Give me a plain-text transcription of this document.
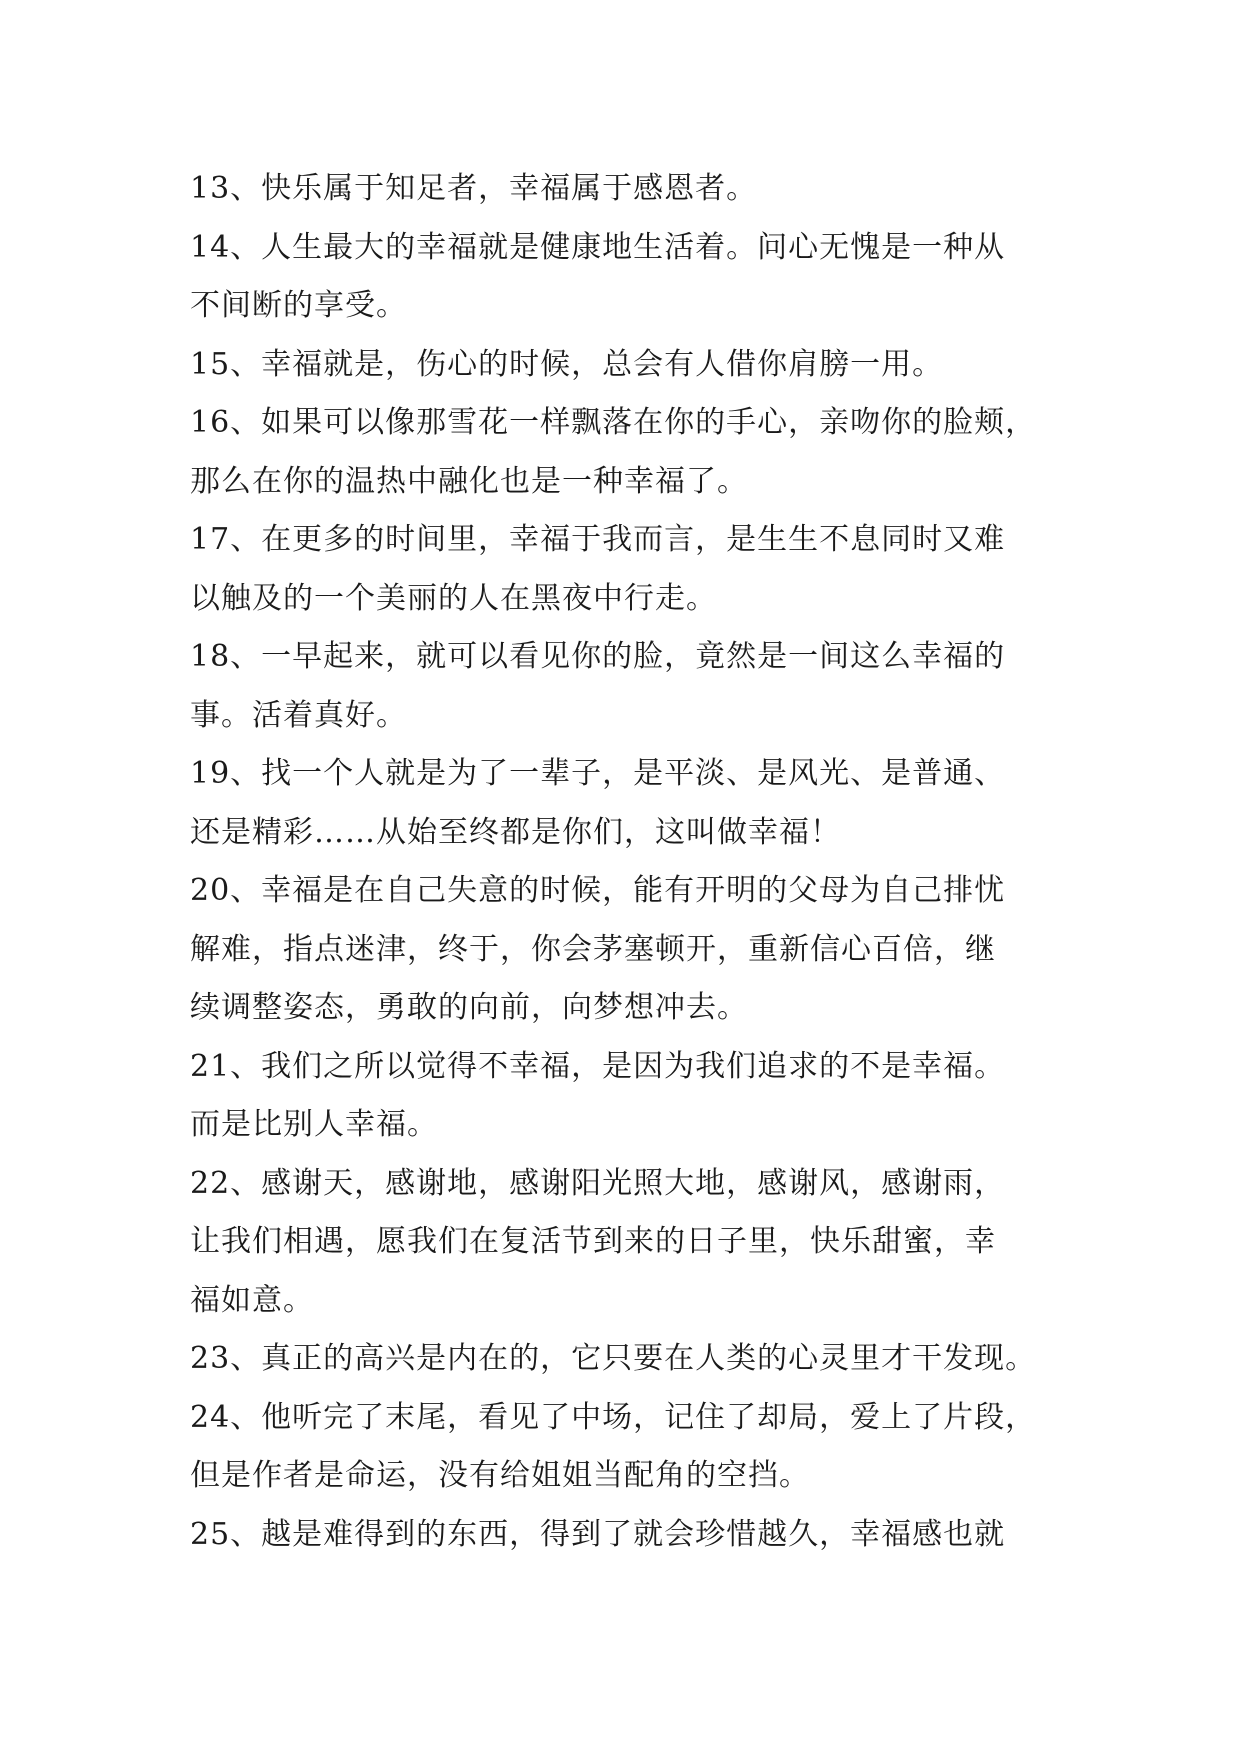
13、快乐属于知足者，幸福属于感恩者。
14、人生最大的幸福就是健康地生活着。问心无愧是一种从
不间断的享受。
15、幸福就是，伤心的时候，总会有人借你肩膀一用。
16、如果可以像那雪花一样飘落在你的手心，亲吻你的脸颊，
那么在你的温热中融化也是一种幸福了。
17、在更多的时间里，幸福于我而言，是生生不息同时又难
以触及的一个美丽的人在黑夜中行走。
18、一早起来，就可以看见你的脸，竟然是一间这么幸福的
事。活着真好。
19、找一个人就是为了一辈子，是平淡、是风光、是普通、
还是精彩……从始至终都是你们，这叫做幸福！
20、幸福是在自己失意的时候，能有开明的父母为自己排忧
解难，指点迷津，终于，你会茅塞顿开，重新信心百倍，继
续调整姿态，勇敢的向前，向梦想冲去。
21、我们之所以觉得不幸福，是因为我们追求的不是幸福。
而是比别人幸福。
22、感谢天，感谢地，感谢阳光照大地，感谢风，感谢雨，
让我们相遇，愿我们在复活节到来的日子里，快乐甜蜜，幸
福如意。
23、真正的高兴是内在的，它只要在人类的心灵里才干发现。
24、他听完了末尾，看见了中场，记住了却局，爱上了片段，
但是作者是命运，没有给姐姐当配角的空挡。
25、越是难得到的东西，得到了就会珍惜越久，幸福感也就
